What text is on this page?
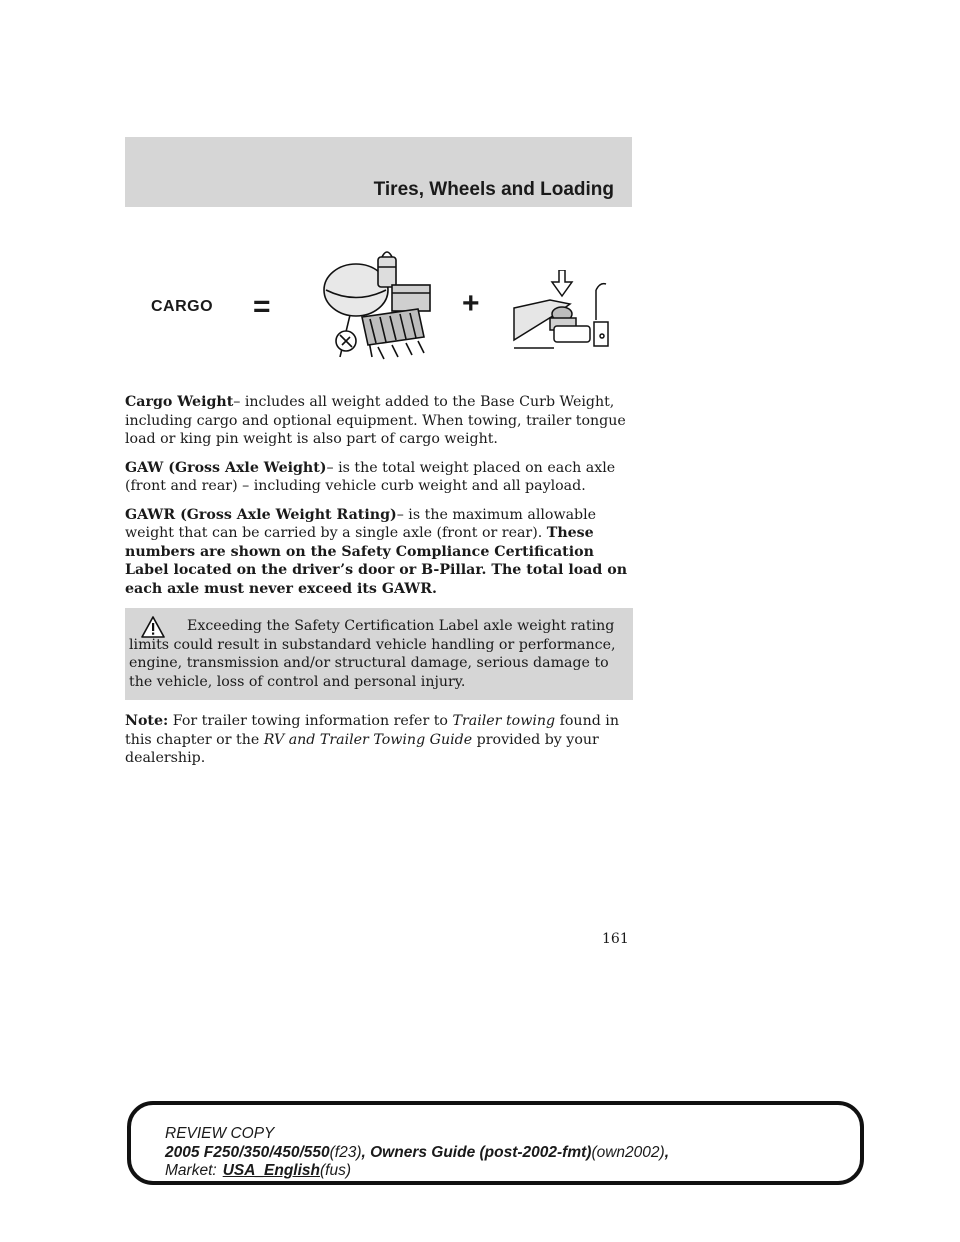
Tires, Wheels and Loading
CARGO =	+

Cargo Weight– includes all weight added to the Base Curb Weight, including cargo and optional equipment. When towing, trailer tongue load or king pin weight is also part of cargo weight.

GAW (Gross Axle Weight)– is the total weight placed on each axle (front and rear) – including vehicle curb weight and all payload.

GAWR (Gross Axle Weight Rating)– is the maximum allowable weight that can be carried by a single axle (front or rear). These numbers are shown on the Safety Compliance Certification Label located on the driver’s door or B-Pillar. The total load on each axle must never exceed its GAWR.

Exceeding the Safety Certification Label axle weight rating limits could result in substandard vehicle handling or performance, engine, transmission and/or structural damage, serious damage to the vehicle, loss of control and personal injury.

Note: For trailer towing information refer to Trailer towing found in this chapter or the RV and Trailer Towing Guide provided by your dealership.

161
REVIEW COPY
2005 F250/350/450/550(f23), Owners Guide (post-2002-fmt)(own2002),
Market: USA_English(fus)
